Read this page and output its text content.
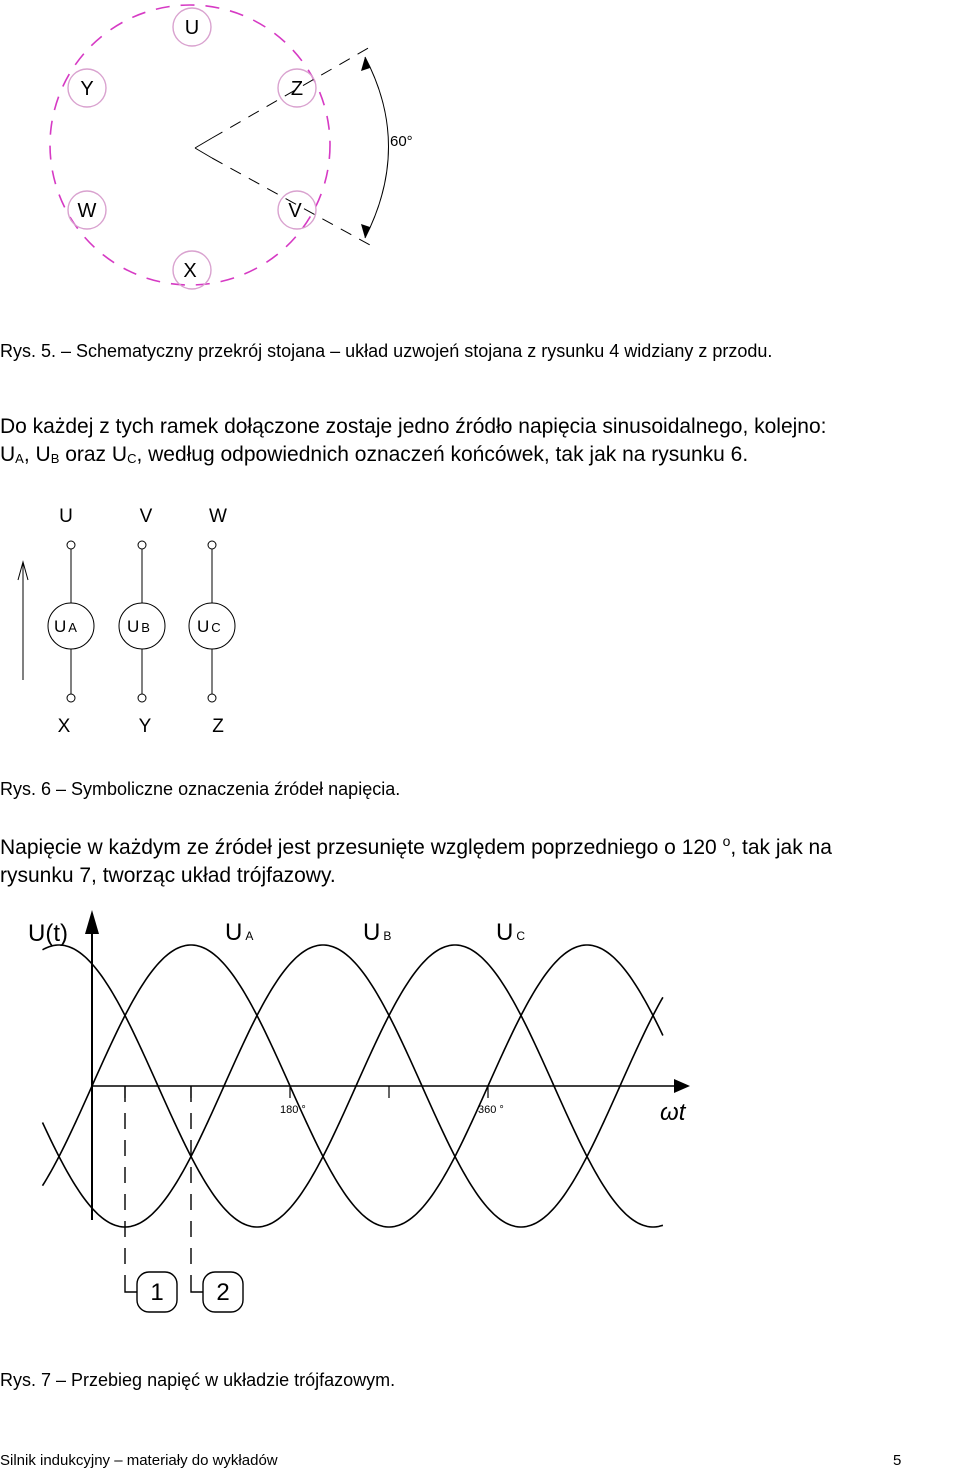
U
Y	Z
W	V
X
60°
Rys. 5. – Schematyczny przekrój stojana – układ uzwojeń stojana z rysunku 4 widziany z przodu.
Do każdej z tych ramek dołączone zostaje jedno źródło napięcia sinusoidalnego, kolejno:
$U_A$, $U_B$ oraz $U_C$, według odpowiednich oznaczeń końcówek, tak jak na rysunku 6.
U	V	W
U A	U B	U C
X	Y	Z
Rys. 6 – Symboliczne oznaczenia źródeł napięcia.
Napięcie w każdym ze źródeł jest przesunięte względem poprzedniego o 120 $^o$, tak jak na
rysunku 7, tworząc układ trójfazowy.
U(t)
ωt
180 °	360 °
U A	U B	U C
1 2
Rys. 7 – Przebieg napięć w układzie trójfazowym.
Silnik indukcyjny – materiały do wykładów	5
